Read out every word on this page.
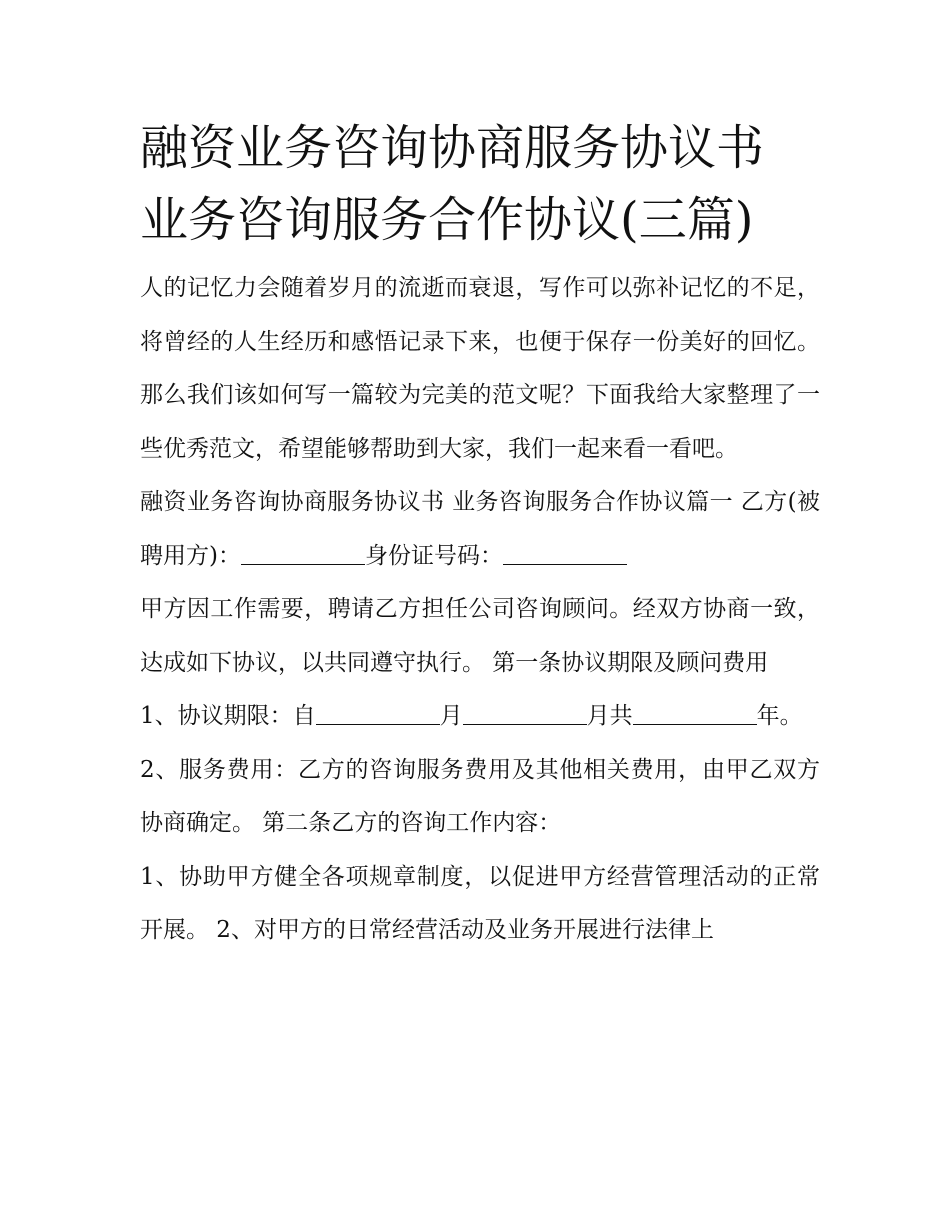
融资业务咨询协商服务协议书
业务咨询服务合作协议(三篇)

人的记忆力会随着岁月的流逝而衰退，写作可以弥补记忆的不足，将曾经的人生经历和感悟记录下来，也便于保存一份美好的回忆。那么我们该如何写一篇较为完美的范文呢？下面我给大家整理了一些优秀范文，希望能够帮助到大家，我们一起来看一看吧。

融资业务咨询协商服务协议书 业务咨询服务合作协议篇一 乙方(被聘用方)：	身份证号码：

甲方因工作需要，聘请乙方担任公司咨询顾问。经双方协商一致，达成如下协议，以共同遵守执行。 第一条协议期限及顾问费用

1、协议期限：自	月	月共	年。

2、服务费用：乙方的咨询服务费用及其他相关费用，由甲乙双方协商确定。 第二条乙方的咨询工作内容：

1、协助甲方健全各项规章制度，以促进甲方经营管理活动的正常开展。 2、对甲方的日常经营活动及业务开展进行法律上
